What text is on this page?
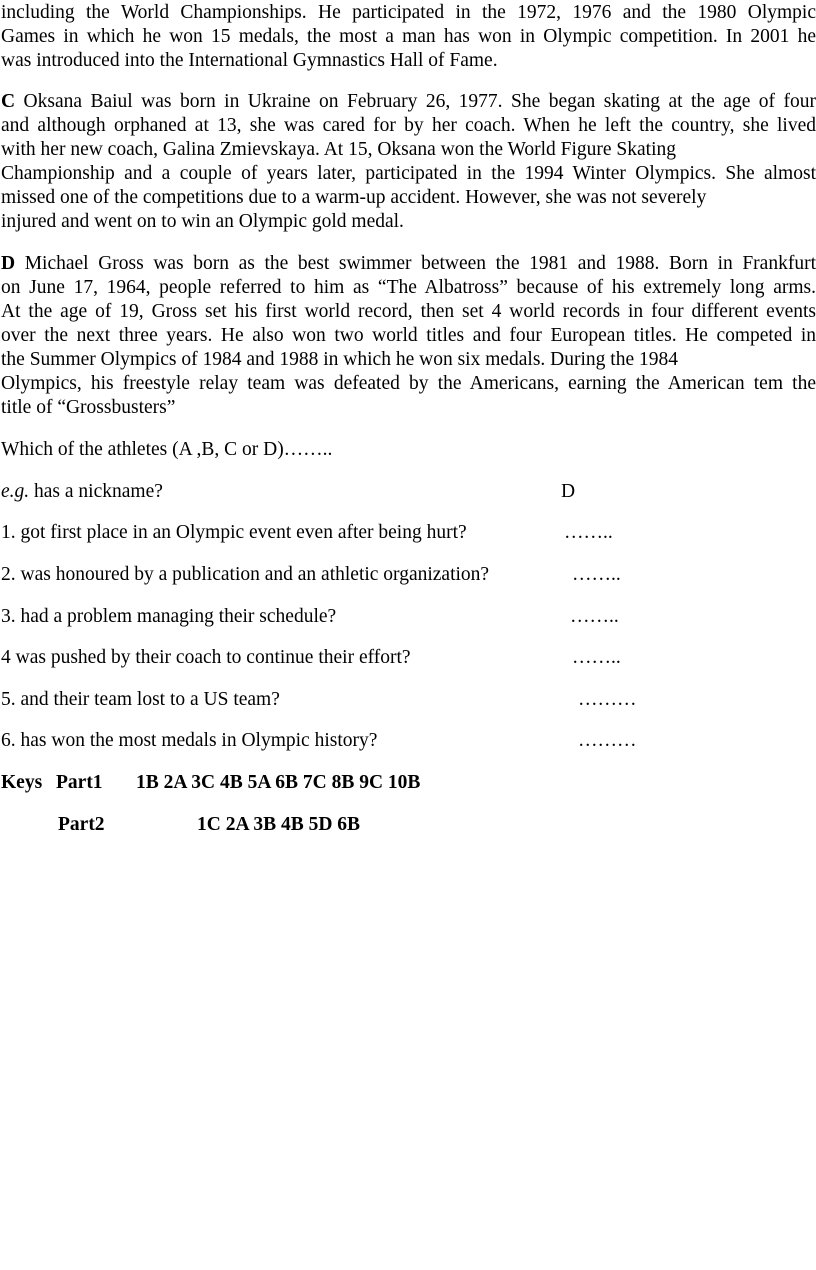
including the World Championships. He participated in the 1972, 1976 and the 1980 Olympic
Games in which he won 15 medals, the most a man has won in Olympic competition. In 2001 he
was introduced into the International Gymnastics Hall of Fame.
C Oksana Baiul was born in Ukraine on February 26, 1977. She began skating at the age of four
and although orphaned at 13, she was cared for by her coach. When he left the country, she lived
with her new coach, Galina Zmievskaya. At 15, Oksana won the World Figure Skating
Championship and a couple of years later, participated in the 1994 Winter Olympics. She almost
missed one of the competitions due to a warm-up accident. However, she was not severely
injured and went on to win an Olympic gold medal.
D Michael Gross was born as the best swimmer between the 1981 and 1988. Born in Frankfurt
on June 17, 1964, people referred to him as “The Albatross” because of his extremely long arms.
At the age of 19, Gross set his first world record, then set 4 world records in four different events
over the next three years. He also won two world titles and four European titles. He competed in
the Summer Olympics of 1984 and 1988 in which he won six medals. During the 1984
Olympics, his freestyle relay team was defeated by the Americans, earning the American tem the
title of “Grossbusters”
Which of the athletes (A ,B, C or D)……..
e.g. has a nickname?	D
1. got first place in an Olympic event even after being hurt?	……..
2. was honoured by a publication and an athletic organization?	……..
3. had a problem managing their schedule?	……..
4 was pushed by their coach to continue their effort?	……..
5. and their team lost to a US team?	………
6. has won the most medals in Olympic history?	………
Keys Part1 1B 2A 3C 4B 5A 6B 7C 8B 9C 10B
Part2	1C 2A 3B 4B 5D 6B
